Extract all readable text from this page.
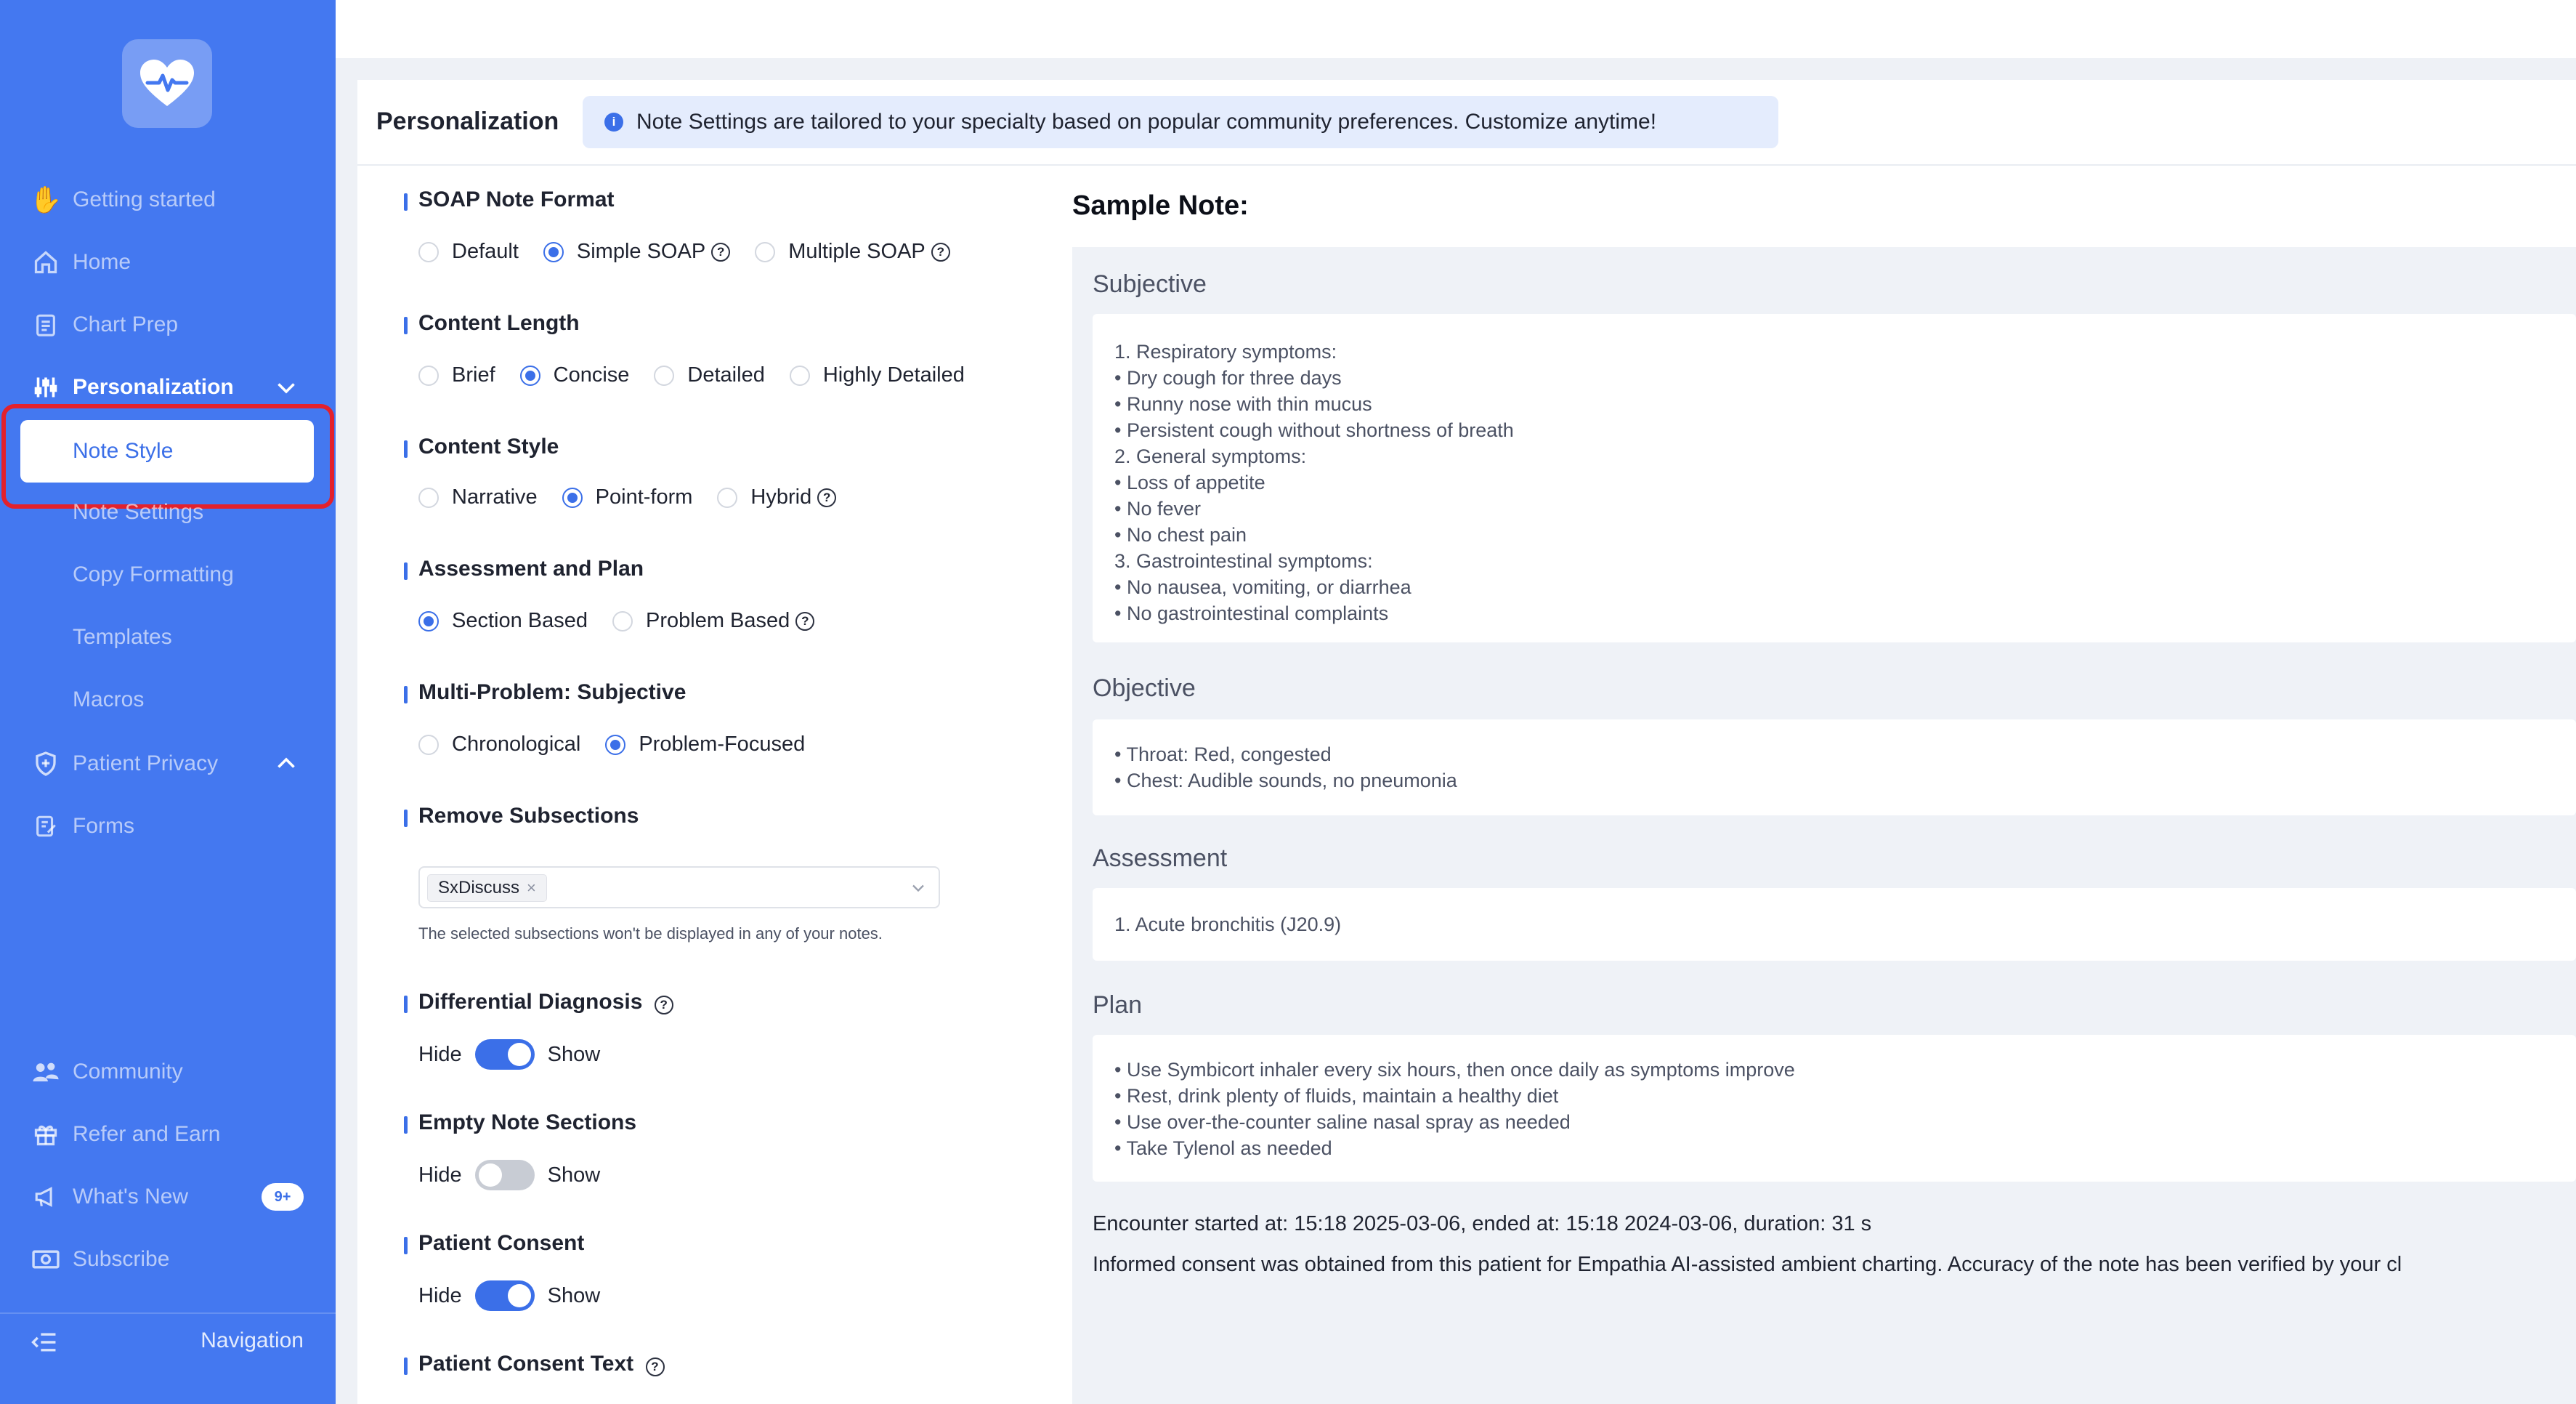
✋ Getting started
Home
Chart Prep
Personalization
Note Style
Note Settings
Copy Formatting
Templates
Macros
Patient Privacy
Forms
Community
Refer and Earn
What's New	9+
Subscribe
Navigation
Personalization	i Note Settings are tailored to your specialty based on popular community preferences. Customize anytime!
SOAP Note Format
Default	Simple SOAP ?	Multiple SOAP ?
Content Length
Brief	Concise	Detailed	Highly Detailed
Content Style
Narrative	Point-form	Hybrid ?
Assessment and Plan
Section Based	Problem Based ?
Multi-Problem: Subjective
Chronological	Problem-Focused
Remove Subsections
SxDiscuss ×
The selected subsections won't be displayed in any of your notes.
Differential Diagnosis ?
Hide	Show
Empty Note Sections
Hide	Show
Patient Consent
Hide	Show
Patient Consent Text ?
Sample Note:
Subjective
1. Respiratory symptoms:
• Dry cough for three days
• Runny nose with thin mucus
• Persistent cough without shortness of breath
2. General symptoms:
• Loss of appetite
• No fever
• No chest pain
3. Gastrointestinal symptoms:
• No nausea, vomiting, or diarrhea
• No gastrointestinal complaints
Objective
• Throat: Red, congested
• Chest: Audible sounds, no pneumonia
Assessment
1. Acute bronchitis (J20.9)
Plan
• Use Symbicort inhaler every six hours, then once daily as symptoms improve
• Rest, drink plenty of fluids, maintain a healthy diet
• Use over-the-counter saline nasal spray as needed
• Take Tylenol as needed
Encounter started at: 15:18 2025-03-06, ended at: 15:18 2024-03-06, duration: 31 s
Informed consent was obtained from this patient for Empathia AI-assisted ambient charting. Accuracy of the note has been verified by your cl
